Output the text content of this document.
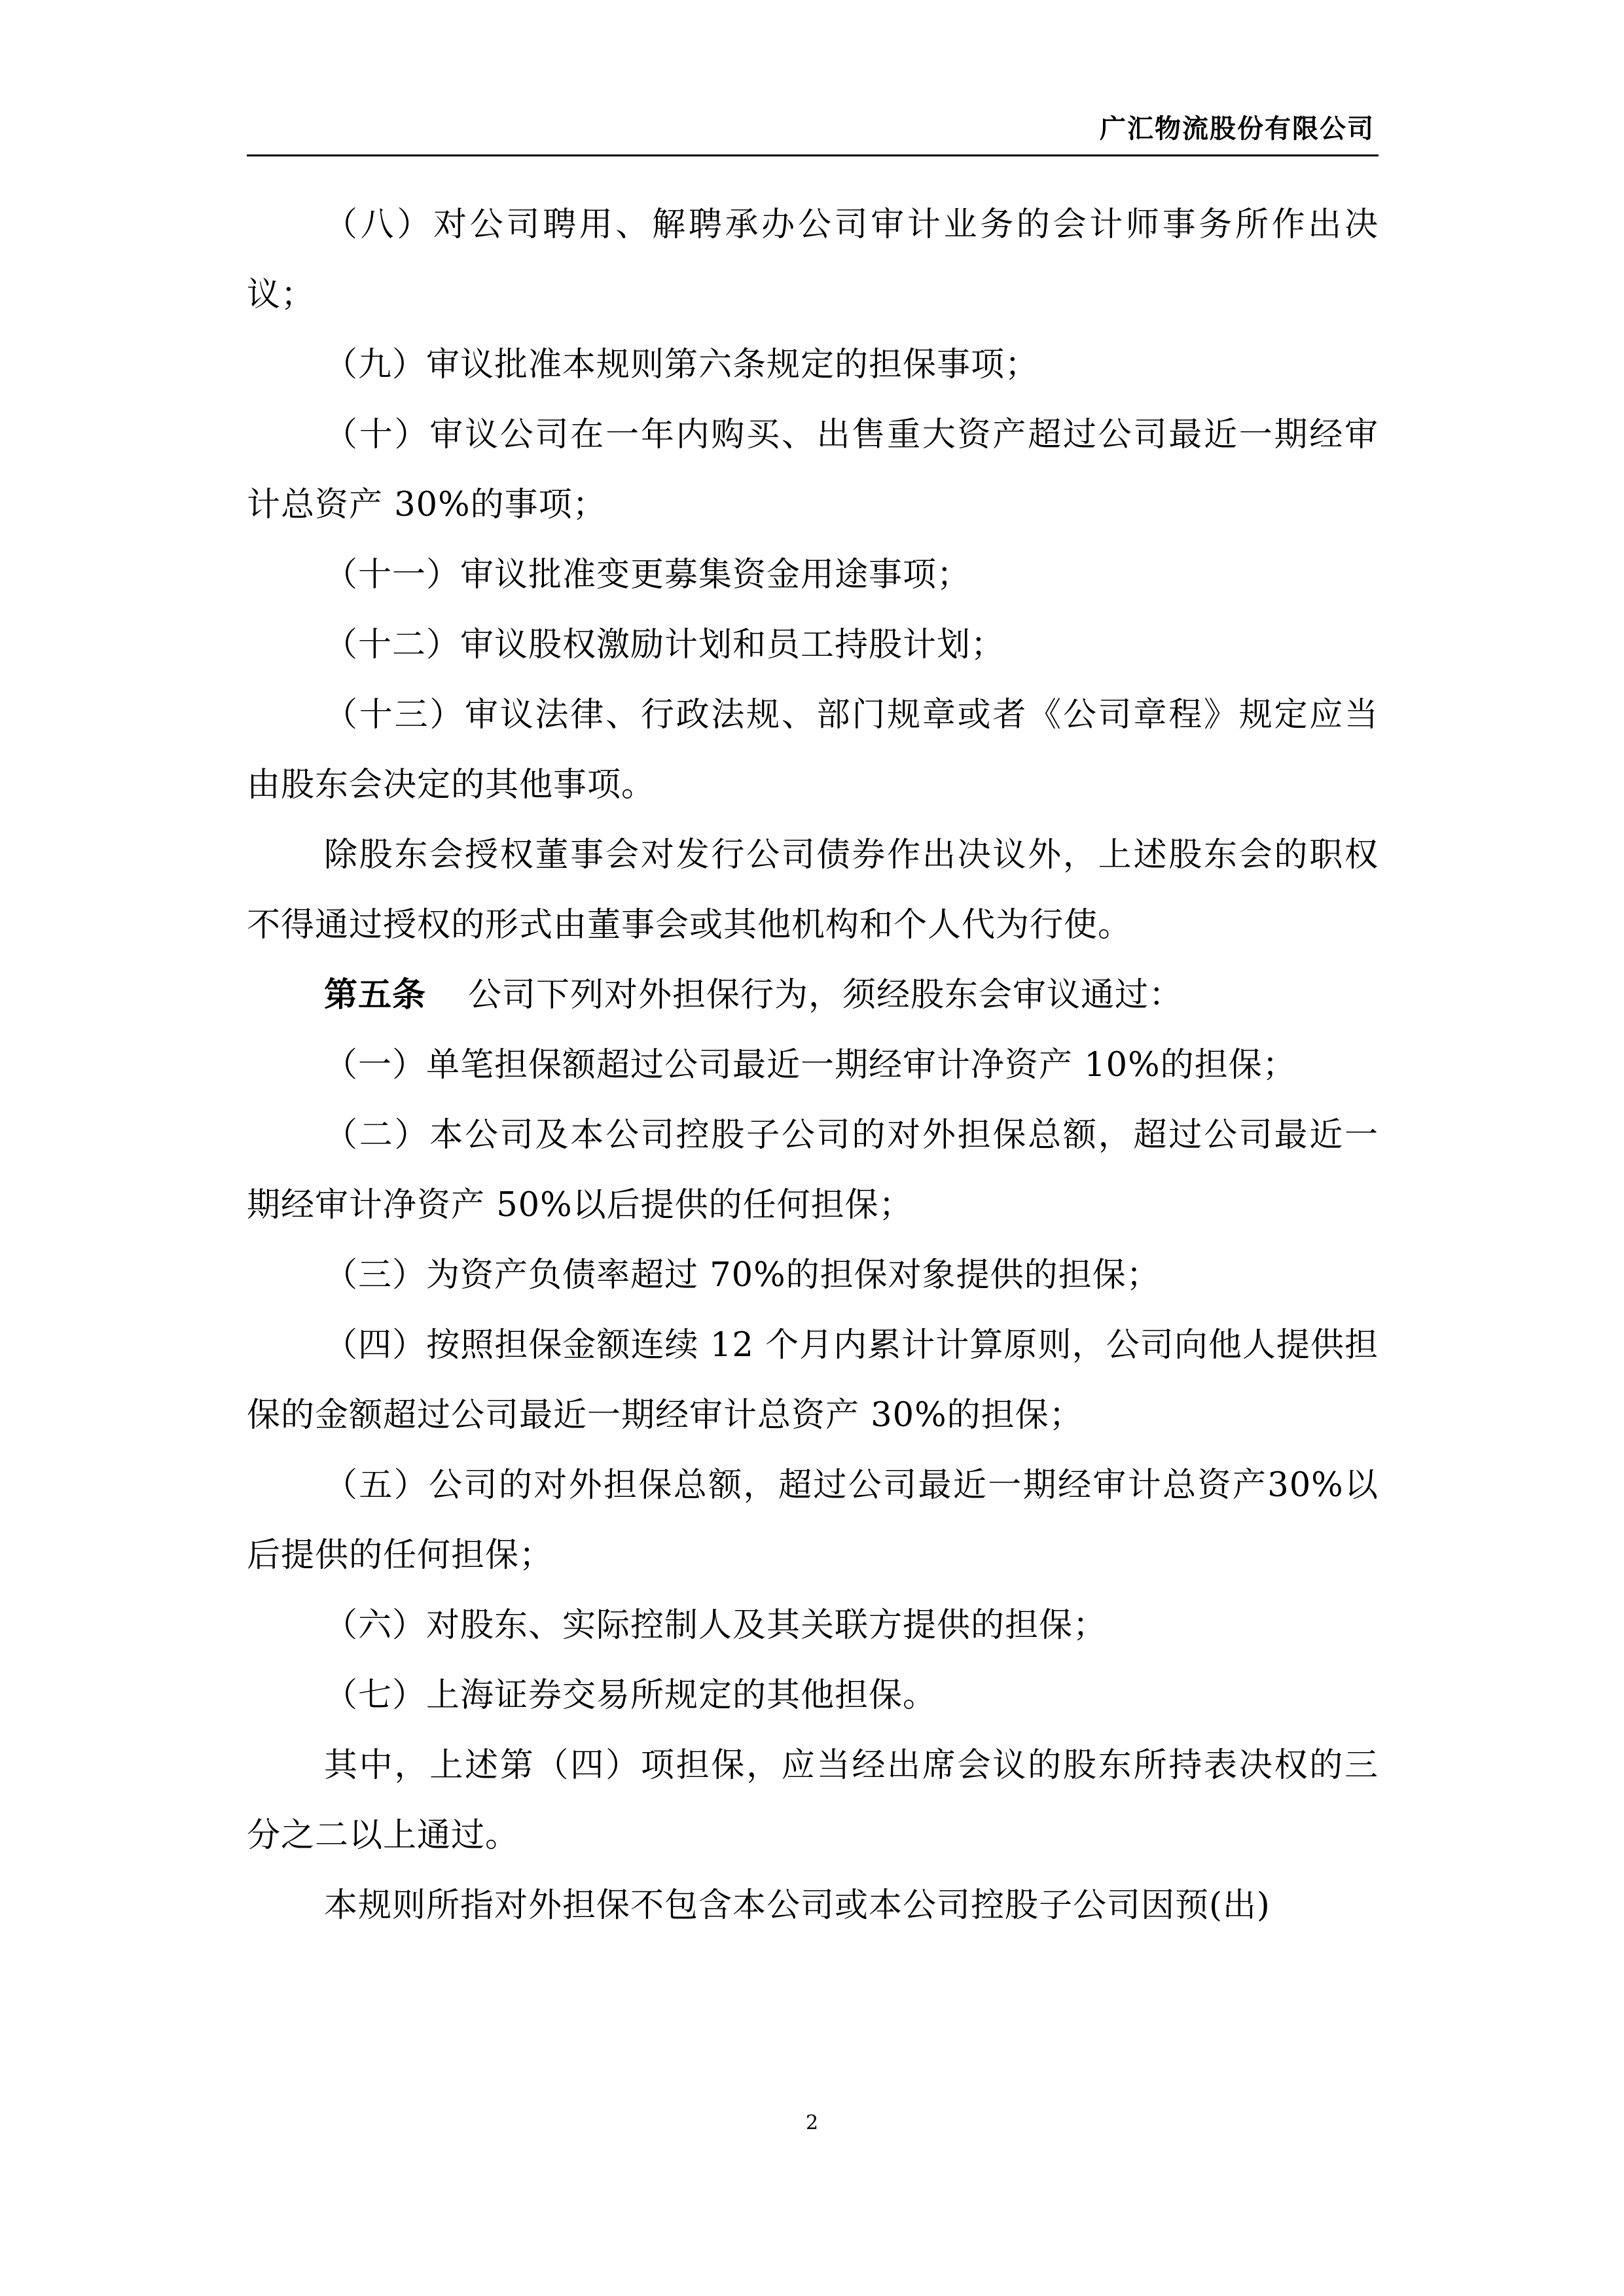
广汇物流股份有限公司

（八）对公司聘用、解聘承办公司审计业务的会计师事务所作出决议；

（九）审议批准本规则第六条规定的担保事项；

（十）审议公司在一年内购买、出售重大资产超过公司最近一期经审计总资产 30%的事项；

（十一）审议批准变更募集资金用途事项；

（十二）审议股权激励计划和员工持股计划；

（十三）审议法律、行政法规、部门规章或者《公司章程》规定应当由股东会决定的其他事项。

除股东会授权董事会对发行公司债券作出决议外，上述股东会的职权不得通过授权的形式由董事会或其他机构和个人代为行使。

第五条 公司下列对外担保行为，须经股东会审议通过：

（一）单笔担保额超过公司最近一期经审计净资产 10%的担保；

（二）本公司及本公司控股子公司的对外担保总额，超过公司最近一期经审计净资产 50%以后提供的任何担保；

（三）为资产负债率超过 70%的担保对象提供的担保；

（四）按照担保金额连续 12 个月内累计计算原则，公司向他人提供担保的金额超过公司最近一期经审计总资产 30%的担保；

（五）公司的对外担保总额，超过公司最近一期经审计总资产30%以后提供的任何担保；

（六）对股东、实际控制人及其关联方提供的担保；

（七）上海证券交易所规定的其他担保。

其中，上述第（四）项担保，应当经出席会议的股东所持表决权的三分之二以上通过。

本规则所指对外担保不包含本公司或本公司控股子公司因预(出)

2
